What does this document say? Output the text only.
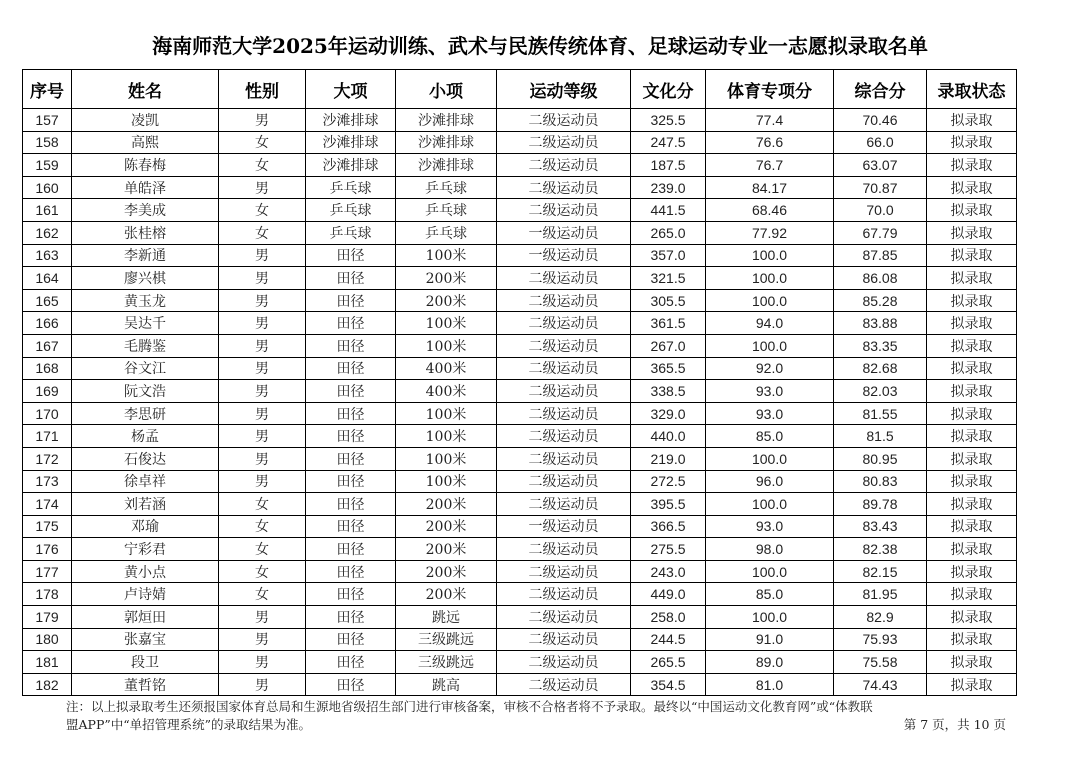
海南师范大学2025年运动训练、武术与民族传统体育、足球运动专业一志愿拟录取名单
序号	姓名	性别	大项	小项	运动等级	文化分	体育专项分	综合分	录取状态
157	凌凯	男	沙滩排球	沙滩排球	二级运动员	325.5	77.4	70.46	拟录取
158	高熙	女	沙滩排球	沙滩排球	二级运动员	247.5	76.6	66.0	拟录取
159	陈春梅	女	沙滩排球	沙滩排球	二级运动员	187.5	76.7	63.07	拟录取
160	单皓泽	男	乒乓球	乒乓球	二级运动员	239.0	84.17	70.87	拟录取
161	李美成	女	乒乓球	乒乓球	二级运动员	441.5	68.46	70.0	拟录取
162	张桂榕	女	乒乓球	乒乓球	一级运动员	265.0	77.92	67.79	拟录取
163	李新通	男	田径	100米	一级运动员	357.0	100.0	87.85	拟录取
164	廖兴棋	男	田径	200米	二级运动员	321.5	100.0	86.08	拟录取
165	黄玉龙	男	田径	200米	二级运动员	305.5	100.0	85.28	拟录取
166	吴达千	男	田径	100米	二级运动员	361.5	94.0	83.88	拟录取
167	毛腾鉴	男	田径	100米	二级运动员	267.0	100.0	83.35	拟录取
168	谷文江	男	田径	400米	二级运动员	365.5	92.0	82.68	拟录取
169	阮文浩	男	田径	400米	二级运动员	338.5	93.0	82.03	拟录取
170	李思研	男	田径	100米	二级运动员	329.0	93.0	81.55	拟录取
171	杨孟	男	田径	100米	二级运动员	440.0	85.0	81.5	拟录取
172	石俊达	男	田径	100米	二级运动员	219.0	100.0	80.95	拟录取
173	徐卓祥	男	田径	100米	二级运动员	272.5	96.0	80.83	拟录取
174	刘若涵	女	田径	200米	二级运动员	395.5	100.0	89.78	拟录取
175	邓瑜	女	田径	200米	一级运动员	366.5	93.0	83.43	拟录取
176	宁彩君	女	田径	200米	二级运动员	275.5	98.0	82.38	拟录取
177	黄小点	女	田径	200米	二级运动员	243.0	100.0	82.15	拟录取
178	卢诗婧	女	田径	200米	二级运动员	449.0	85.0	81.95	拟录取
179	郭烜田	男	田径	跳远	二级运动员	258.0	100.0	82.9	拟录取
180	张嘉宝	男	田径	三级跳远	二级运动员	244.5	91.0	75.93	拟录取
181	段卫	男	田径	三级跳远	二级运动员	265.5	89.0	75.58	拟录取
182	董哲铭	男	田径	跳高	二级运动员	354.5	81.0	74.43	拟录取
注：以上拟录取考生还须报国家体育总局和生源地省级招生部门进行审核备案，审核不合格者将不予录取。最终以“中国运动文化教育网”或“体教联
盟APP”中“单招管理系统”的录取结果为准。	第 7 页，共 10 页
